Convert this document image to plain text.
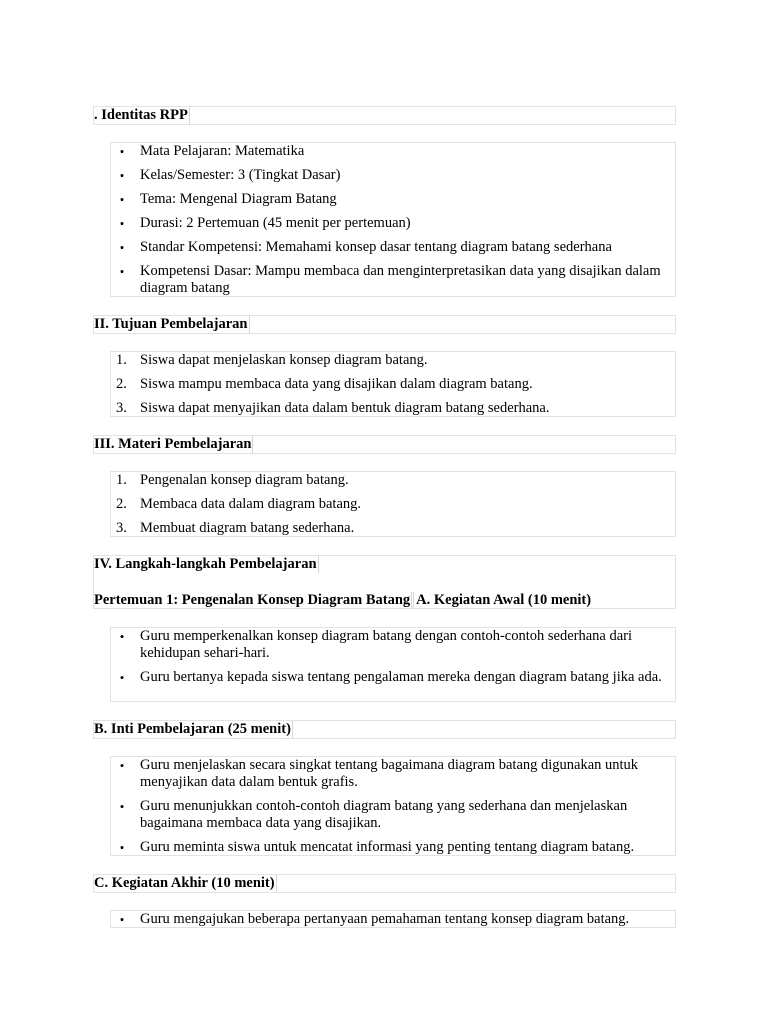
. Identitas RPP
• Mata Pelajaran: Matematika
• Kelas/Semester: 3 (Tingkat Dasar)
• Tema: Mengenal Diagram Batang
• Durasi: 2 Pertemuan (45 menit per pertemuan)
• Standar Kompetensi: Memahami konsep dasar tentang diagram batang sederhana
• Kompetensi Dasar: Mampu membaca dan menginterpretasikan data yang disajikan dalam diagram batang
II. Tujuan Pembelajaran
1. Siswa dapat menjelaskan konsep diagram batang.
2. Siswa mampu membaca data yang disajikan dalam diagram batang.
3. Siswa dapat menyajikan data dalam bentuk diagram batang sederhana.
III. Materi Pembelajaran
1. Pengenalan konsep diagram batang.
2. Membaca data dalam diagram batang.
3. Membuat diagram batang sederhana.
IV. Langkah-langkah Pembelajaran
Pertemuan 1: Pengenalan Konsep Diagram Batang A. Kegiatan Awal (10 menit)
• Guru memperkenalkan konsep diagram batang dengan contoh-contoh sederhana dari kehidupan sehari-hari.
• Guru bertanya kepada siswa tentang pengalaman mereka dengan diagram batang jika ada.
B. Inti Pembelajaran (25 menit)
• Guru menjelaskan secara singkat tentang bagaimana diagram batang digunakan untuk menyajikan data dalam bentuk grafis.
• Guru menunjukkan contoh-contoh diagram batang yang sederhana dan menjelaskan bagaimana membaca data yang disajikan.
• Guru meminta siswa untuk mencatat informasi yang penting tentang diagram batang.
C. Kegiatan Akhir (10 menit)
• Guru mengajukan beberapa pertanyaan pemahaman tentang konsep diagram batang.
